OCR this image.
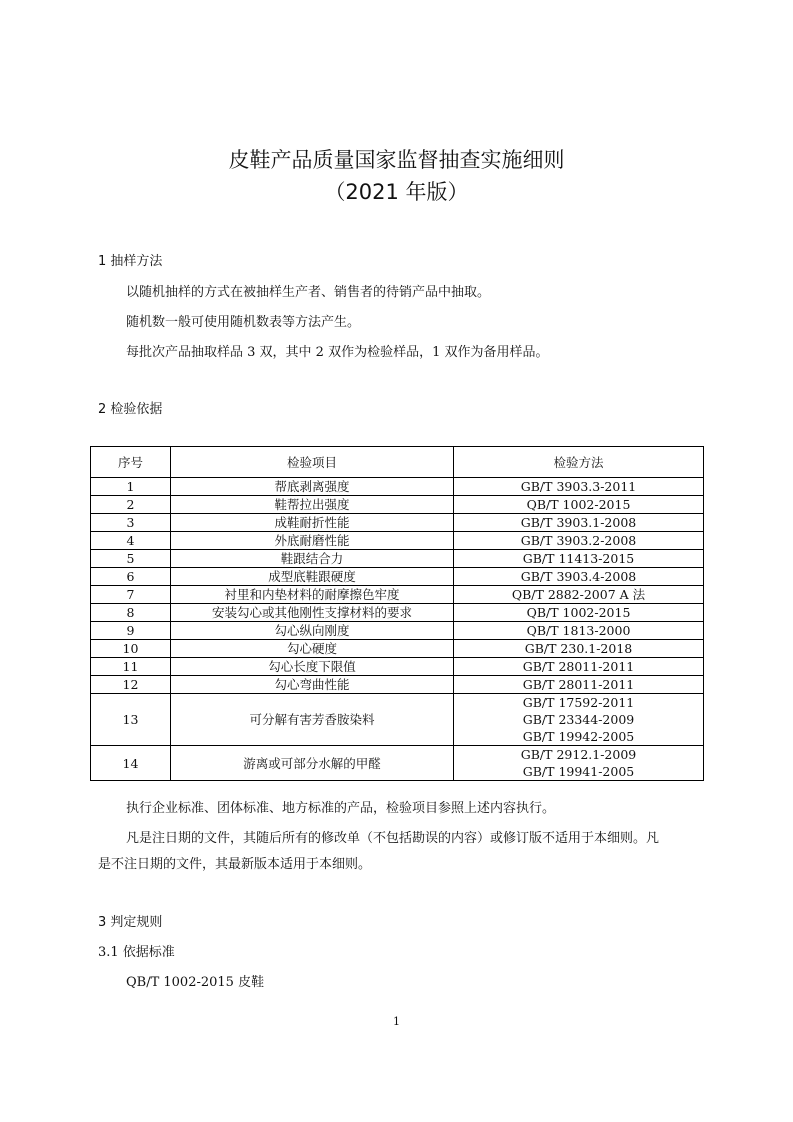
皮鞋产品质量国家监督抽查实施细则
（2021 年版）
1 抽样方法
以随机抽样的方式在被抽样生产者、销售者的待销产品中抽取。
随机数一般可使用随机数表等方法产生。
每批次产品抽取样品 3 双，其中 2 双作为检验样品，1 双作为备用样品。
2 检验依据
序号	检验项目	检验方法
1	帮底剥离强度	GB/T 3903.3-2011

2	鞋帮拉出强度	QB/T 1002-2015

3	成鞋耐折性能	GB/T 3903.1-2008

4	外底耐磨性能	GB/T 3903.2-2008

5	鞋跟结合力	GB/T 11413-2015

6	成型底鞋跟硬度	GB/T 3903.4-2008

7	衬里和内垫材料的耐摩擦色牢度	QB/T 2882-2007 A 法

8	安装勾心或其他刚性支撑材料的要求	QB/T 1002-2015

9	勾心纵向刚度	QB/T 1813-2000

10	勾心硬度	GB/T 230.1-2018

11	勾心长度下限值	GB/T 28011-2011

12	勾心弯曲性能	GB/T 28011-2011

13	可分解有害芳香胺染料	GB/T 17592-2011
GB/T 23344-2009
GB/T 19942-2005

14	游离或可部分水解的甲醛	GB/T 2912.1-2009
GB/T 19941-2005
执行企业标准、团体标准、地方标准的产品，检验项目参照上述内容执行。
凡是注日期的文件，其随后所有的修改单（不包括勘误的内容）或修订版不适用于本细则。凡
是不注日期的文件，其最新版本适用于本细则。
3 判定规则
3.1 依据标准
QB/T 1002-2015 皮鞋
1
